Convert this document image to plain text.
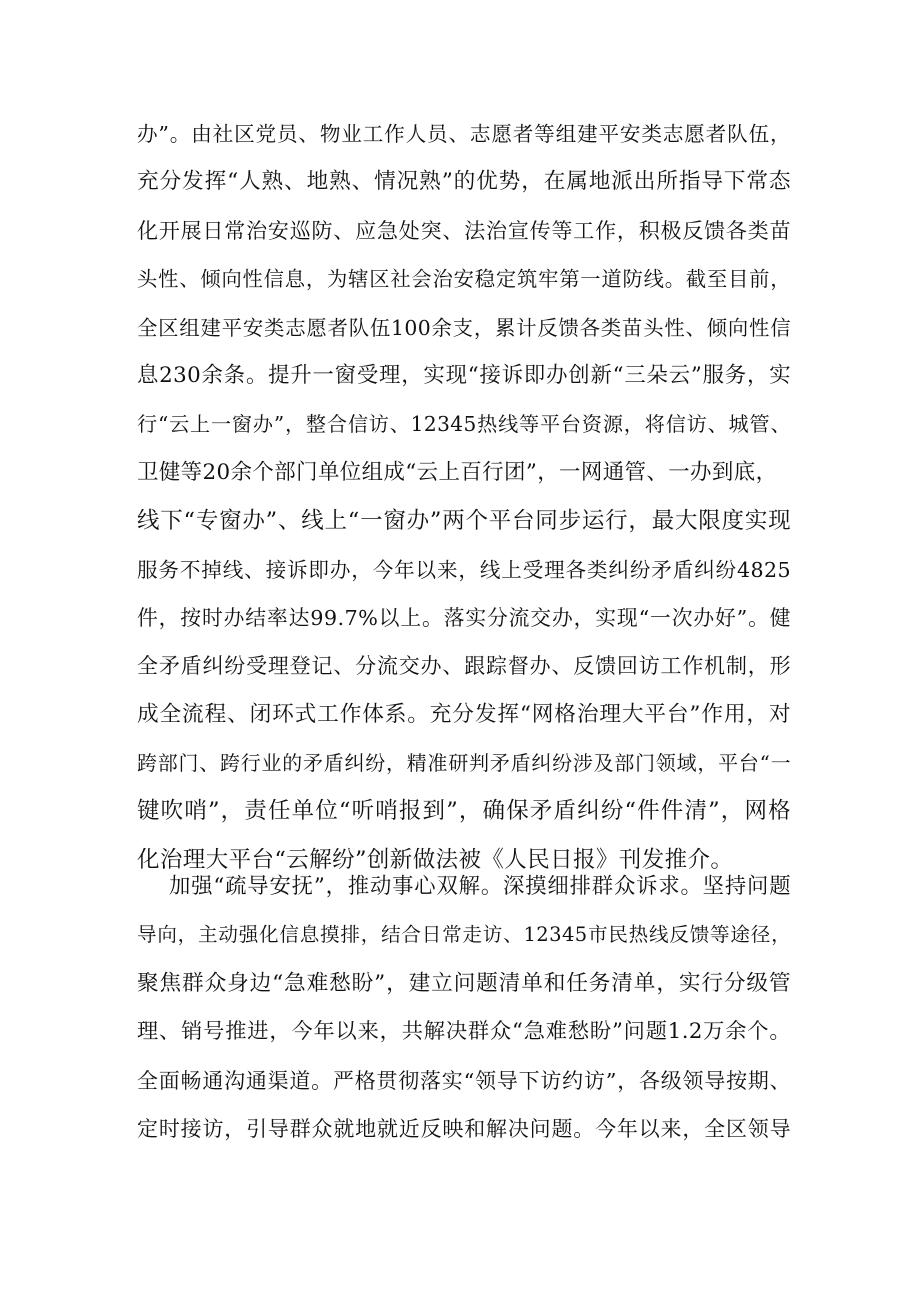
办”。由社区党员、物业工作人员、志愿者等组建平安类志愿者队伍，
充分发挥“人熟、地熟、情况熟”的优势，在属地派出所指导下常态
化开展日常治安巡防、应急处突、法治宣传等工作，积极反馈各类苗
头性、倾向性信息，为辖区社会治安稳定筑牢第一道防线。截至目前，
全区组建平安类志愿者队伍100余支，累计反馈各类苗头性、倾向性信
息230余条。提升一窗受理，实现“接诉即办创新“三朵云”服务，实
行“云上一窗办”，整合信访、12345热线等平台资源，将信访、城管、
卫健等20余个部门单位组成“云上百行团”，一网通管、一办到底，
线下“专窗办”、线上“一窗办”两个平台同步运行，最大限度实现
服务不掉线、接诉即办，今年以来，线上受理各类纠纷矛盾纠纷4825
件，按时办结率达99.7%以上。落实分流交办，实现“一次办好”。健
全矛盾纠纷受理登记、分流交办、跟踪督办、反馈回访工作机制，形
成全流程、闭环式工作体系。充分发挥“网格治理大平台”作用，对
跨部门、跨行业的矛盾纠纷，精准研判矛盾纠纷涉及部门领域，平台“一
键吹哨”，责任单位“听哨报到”，确保矛盾纠纷“件件清”，网格
化治理大平台“云解纷”创新做法被《人民日报》刊发推介。
加强“疏导安抚”，推动事心双解。深摸细排群众诉求。坚持问题
导向，主动强化信息摸排，结合日常走访、12345市民热线反馈等途径，
聚焦群众身边“急难愁盼”，建立问题清单和任务清单，实行分级管
理、销号推进，今年以来，共解决群众“急难愁盼”问题1.2万余个。
全面畅通沟通渠道。严格贯彻落实“领导下访约访”，各级领导按期、
定时接访，引导群众就地就近反映和解决问题。今年以来，全区领导
